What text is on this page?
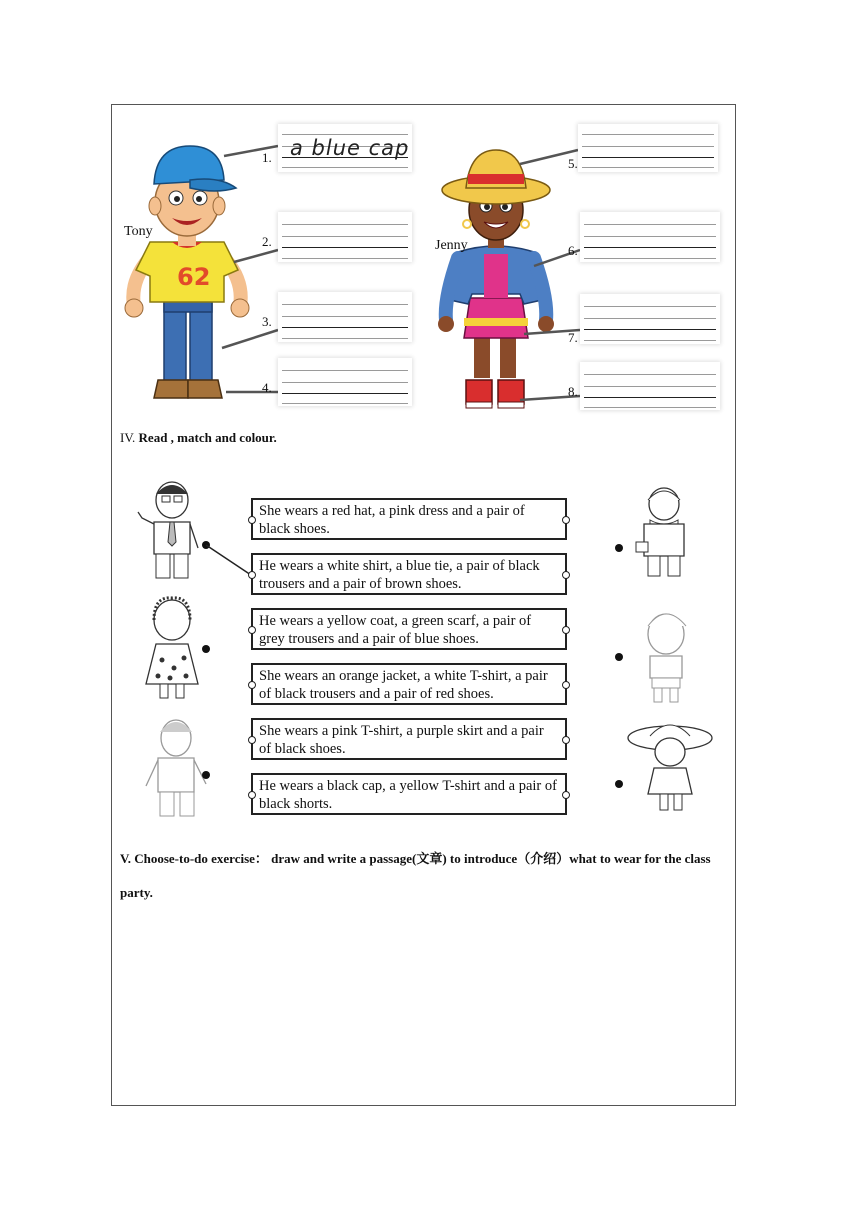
62
Tony
Jenny
1.
2.
3.
4.
5.
6.
7.
8.
a blue cap
IV. Read , match and colour.
She wears a red hat, a pink dress and a pair of black shoes.
He wears a white shirt, a blue tie, a pair of black trousers and a pair of brown shoes.
He wears a yellow coat, a green scarf, a pair of grey trousers and a pair of blue shoes.
She wears an orange jacket, a white T-shirt, a pair of black trousers and a pair of red shoes.
She wears a pink T-shirt, a purple skirt and a pair of black shoes.
He wears a black cap, a yellow T-shirt and a pair of black shorts.
V. Choose-to-do exercise： draw and write a passage(文章) to introduce（介绍）what to wear for the class party.
